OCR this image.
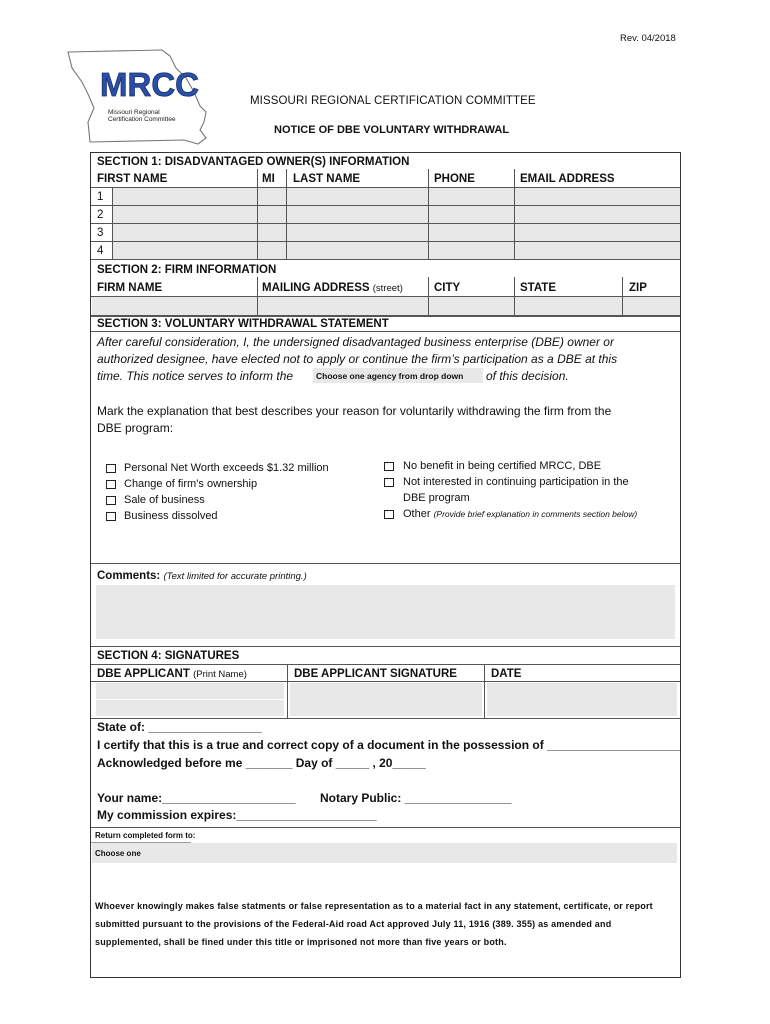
Rev. 04/2018
MRCC
Missouri Regional
Certification Committee
MISSOURI REGIONAL CERTIFICATION COMMITTEE
NOTICE OF DBE VOLUNTARY WITHDRAWAL
SECTION 1: DISADVANTAGED OWNER(S) INFORMATION
FIRST NAME	MI LAST NAME	PHONE	EMAIL ADDRESS
1
2
3
4
SECTION 2: FIRM INFORMATION
FIRM NAME	MAILING ADDRESS (street)	CITY	STATE	ZIP
SECTION 3: VOLUNTARY WITHDRAWAL STATEMENT
After careful consideration, I, the undersigned disadvantaged business enterprise (DBE) owner or
authorized designee, have elected not to apply or continue the firm’s participation as a DBE at this
time. This notice serves to inform the	Choose one agency from drop down of this decision.
Mark the explanation that best describes your reason for voluntarily withdrawing the firm from the
DBE program:
Personal Net Worth exceeds $1.32 million
Change of firm’s ownership
Sale of business
Business dissolved
No benefit in being certified MRCC, DBE
Not interested in continuing participation in the
DBE program
Other (Provide brief explanation in comments section below)
Comments: (Text limited for accurate printing.)
SECTION 4: SIGNATURES
DBE APPLICANT (Print Name)	DBE APPLICANT SIGNATURE	DATE
State of: _________________
I certify that this is a true and correct copy of a document in the possession of ____________________
Acknowledged before me _______ Day of _____ , 20_____
Your name:____________________ Notary Public: ________________
My commission expires:_____________________
Return completed form to:
Choose one
Whoever knowingly makes false statments or false representation as to a material fact in any statement, certificate, or report submitted pursuant to the provisions of the Federal-Aid road Act approved July 11, 1916 (389. 355) as amended and supplemented, shall be fined under this title or imprisoned not more than five years or both.
